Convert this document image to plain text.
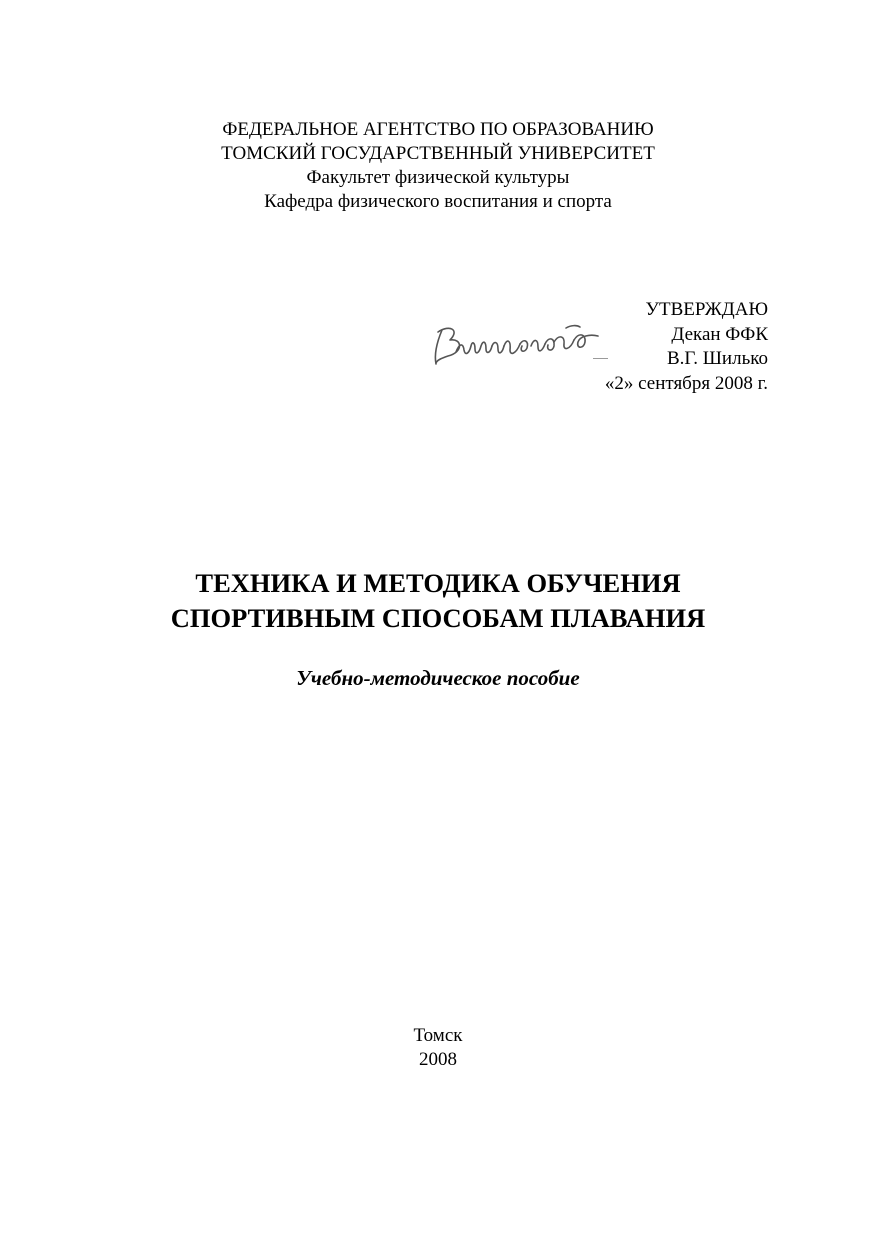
ФЕДЕРАЛЬНОЕ АГЕНТСТВО ПО ОБРАЗОВАНИЮ
ТОМСКИЙ ГОСУДАРСТВЕННЫЙ УНИВЕРСИТЕТ
Факультет физической культуры
Кафедра физического воспитания и спорта
УТВЕРЖДАЮ
Декан ФФК
В.Г. Шилько
«2» сентября 2008 г.
ТЕХНИКА И МЕТОДИКА ОБУЧЕНИЯ
СПОРТИВНЫМ СПОСОБАМ ПЛАВАНИЯ
Учебно-методическое пособие
Томск
2008
